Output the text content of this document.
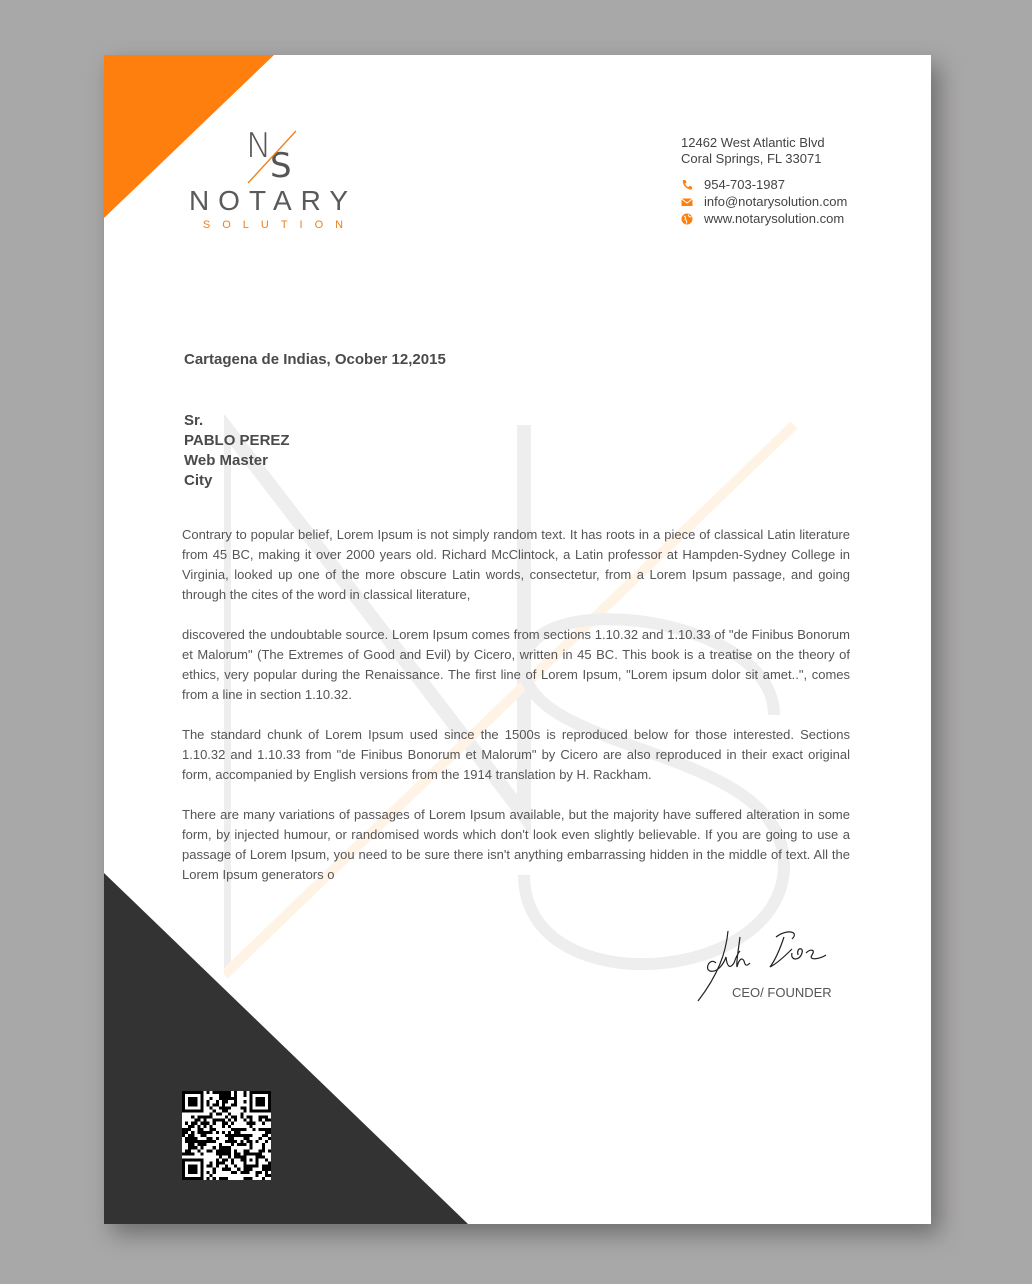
N
S
NOTARY
SOLUTION
12462 West Atlantic Blvd
Coral Springs, FL 33071
954-703-1987
info@notarysolution.com
www.notarysolution.com
Cartagena de Indias, Ocober 12,2015
Sr.
PABLO PEREZ
Web Master
City

Contrary to popular belief, Lorem Ipsum is not simply random text. It has roots in a piece of classical Latin literature from 45 BC, making it over 2000 years old. Richard McClintock, a Latin professor at Hampden-Sydney College in Virginia, looked up one of the more obscure Latin words, consectetur, from a Lorem Ipsum passage, and going through the cites of the word in classical literature,

discovered the undoubtable source. Lorem Ipsum comes from sections 1.10.32 and 1.10.33 of "de Finibus Bonorum et Malorum" (The Extremes of Good and Evil) by Cicero, written in 45 BC. This book is a treatise on the theory of ethics, very popular during the Renaissance. The first line of Lorem Ipsum, "Lorem ipsum dolor sit amet..", comes from a line in section 1.10.32.

The standard chunk of Lorem Ipsum used since the 1500s is reproduced below for those interested. Sections 1.10.32 and 1.10.33 from "de Finibus Bonorum et Malorum" by Cicero are also reproduced in their exact original form, accompanied by English versions from the 1914 translation by H. Rackham.

There are many variations of passages of Lorem Ipsum available, but the majority have suffered alteration in some form, by injected humour, or randomised words which don't look even slightly believable. If you are going to use a passage of Lorem Ipsum, you need to be sure there isn't anything embarrassing hidden in the middle of text. All the Lorem Ipsum generators o

CEO/ FOUNDER
